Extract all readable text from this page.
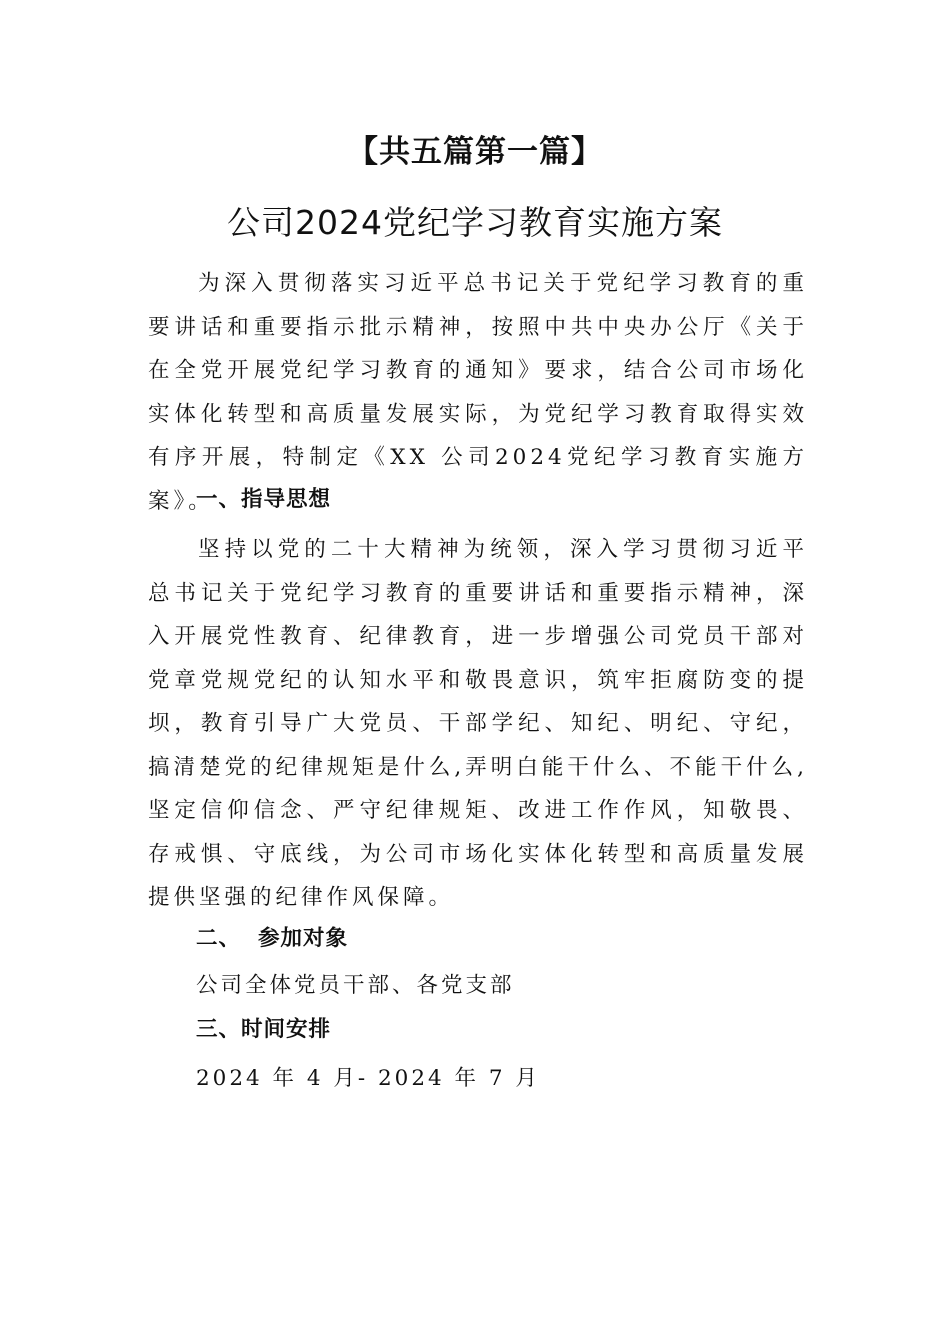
【共五篇第一篇】
公司2024党纪学习教育实施方案

为深入贯彻落实习近平总书记关于党纪学习教育的重要讲话和重要指示批示精神，按照中共中央办公厅《关于在全党开展党纪学习教育的通知》要求，结合公司市场化实体化转型和高质量发展实际，为党纪学习教育取得实效有序开展，特制定《XX 公司2024党纪学习教育实施方案》。

一、指导思想

坚持以党的二十大精神为统领，深入学习贯彻习近平总书记关于党纪学习教育的重要讲话和重要指示精神，深入开展党性教育、纪律教育，进一步增强公司党员干部对党章党规党纪的认知水平和敬畏意识，筑牢拒腐防变的提坝，教育引导广大党员、干部学纪、知纪、明纪、守纪，搞清楚党的纪律规矩是什么,弄明白能干什么、不能干什么,坚定信仰信念、严守纪律规矩、改进工作作风，知敬畏、存戒惧、守底线，为公司市场化实体化转型和高质量发展提供坚强的纪律作风保障。

二、  参加对象

公司全体党员干部、各党支部

三、时间安排

2024 年 4 月- 2024 年 7 月
